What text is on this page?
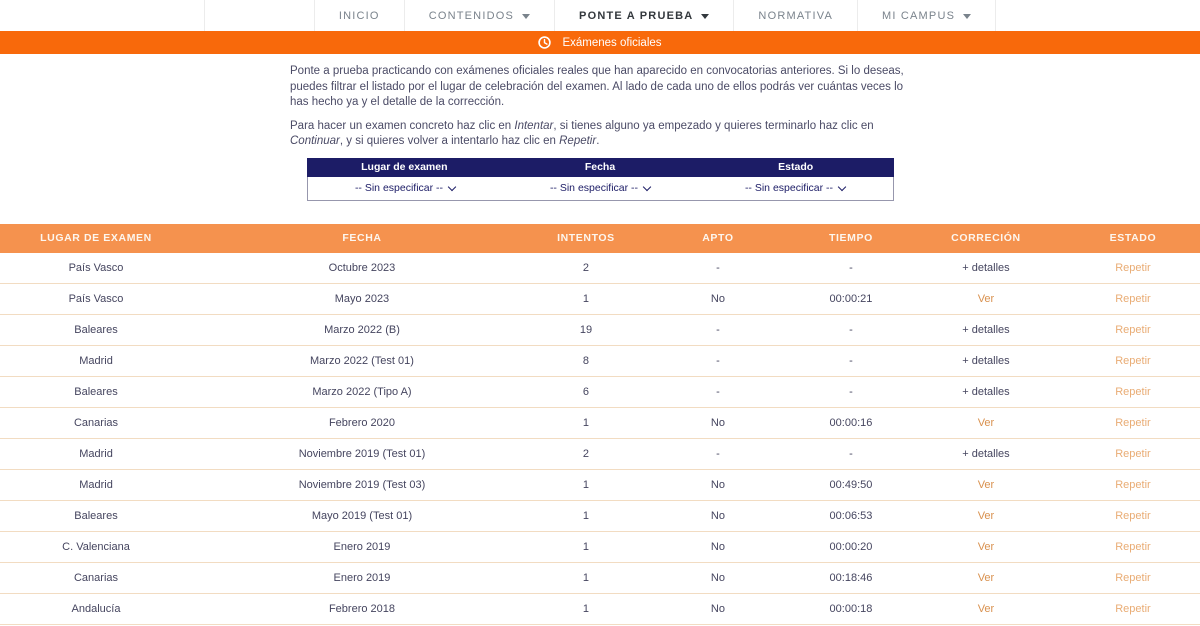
INICIO	CONTENIDOS	PONTE A PRUEBA	NORMATIVA	MI CAMPUS
Exámenes oficiales

Ponte a prueba practicando con exámenes oficiales reales que han aparecido en convocatorias anteriores. Si lo deseas, puedes filtrar el listado por el lugar de celebración del examen. Al lado de cada uno de ellos podrás ver cuántas veces lo has hecho ya y el detalle de la corrección.

Para hacer un examen concreto haz clic en Intentar, si tienes alguno ya empezado y quieres terminarlo haz clic en Continuar, y si quieres volver a intentarlo haz clic en Repetir.

Lugar de examen	Fecha	Estado
-- Sin especificar --	-- Sin especificar --	-- Sin especificar --
LUGAR DE EXAMEN	FECHA	INTENTOS	APTO	TIEMPO	CORRECIÓN	ESTADO
País Vasco	Octubre 2023	2	-	-	+ detalles	Repetir
País Vasco	Mayo 2023	1	No	00:00:21	Ver	Repetir
Baleares	Marzo 2022 (B)	19	-	-	+ detalles	Repetir
Madrid	Marzo 2022 (Test 01)	8	-	-	+ detalles	Repetir
Baleares	Marzo 2022 (Tipo A)	6	-	-	+ detalles	Repetir
Canarias	Febrero 2020	1	No	00:00:16	Ver	Repetir
Madrid	Noviembre 2019 (Test 01)	2	-	-	+ detalles	Repetir
Madrid	Noviembre 2019 (Test 03)	1	No	00:49:50	Ver	Repetir
Baleares	Mayo 2019 (Test 01)	1	No	00:06:53	Ver	Repetir
C. Valenciana	Enero 2019	1	No	00:00:20	Ver	Repetir
Canarias	Enero 2019	1	No	00:18:46	Ver	Repetir
Andalucía	Febrero 2018	1	No	00:00:18	Ver	Repetir
